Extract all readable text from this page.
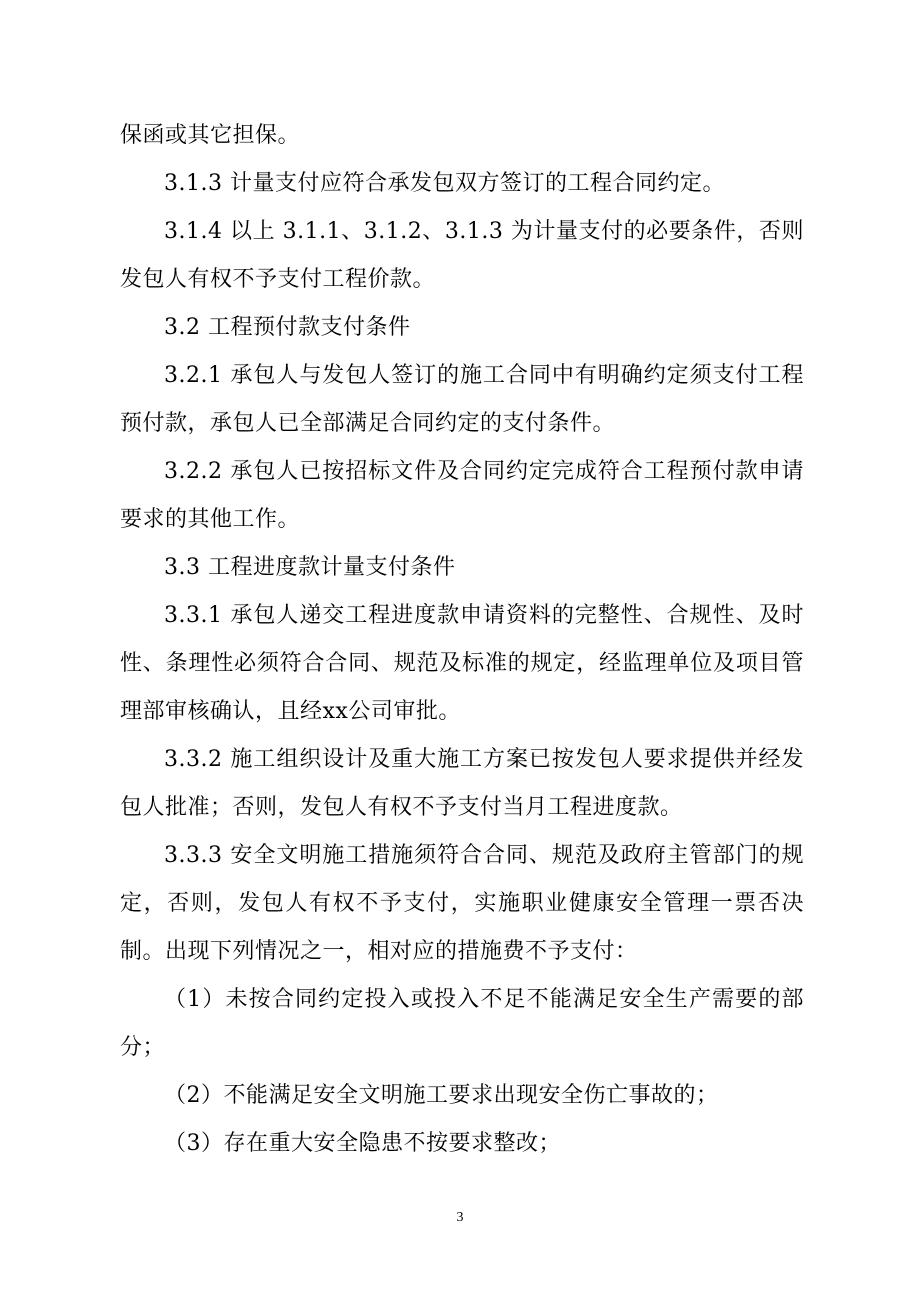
保函或其它担保。

3.1.3 计量支付应符合承发包双方签订的工程合同约定。

3.1.4 以上 3.1.1、3.1.2、3.1.3 为计量支付的必要条件，否则发包人有权不予支付工程价款。

3.2 工程预付款支付条件

3.2.1 承包人与发包人签订的施工合同中有明确约定须支付工程预付款，承包人已全部满足合同约定的支付条件。

3.2.2 承包人已按招标文件及合同约定完成符合工程预付款申请要求的其他工作。

3.3 工程进度款计量支付条件

3.3.1 承包人递交工程进度款申请资料的完整性、合规性、及时性、条理性必须符合合同、规范及标准的规定，经监理单位及项目管理部审核确认，且经xx公司审批。

3.3.2 施工组织设计及重大施工方案已按发包人要求提供并经发包人批准；否则，发包人有权不予支付当月工程进度款。

3.3.3 安全文明施工措施须符合合同、规范及政府主管部门的规定，否则，发包人有权不予支付，实施职业健康安全管理一票否决制。出现下列情况之一，相对应的措施费不予支付：

（1）未按合同约定投入或投入不足不能满足安全生产需要的部分；

（2）不能满足安全文明施工要求出现安全伤亡事故的；

（3）存在重大安全隐患不按要求整改；

3
